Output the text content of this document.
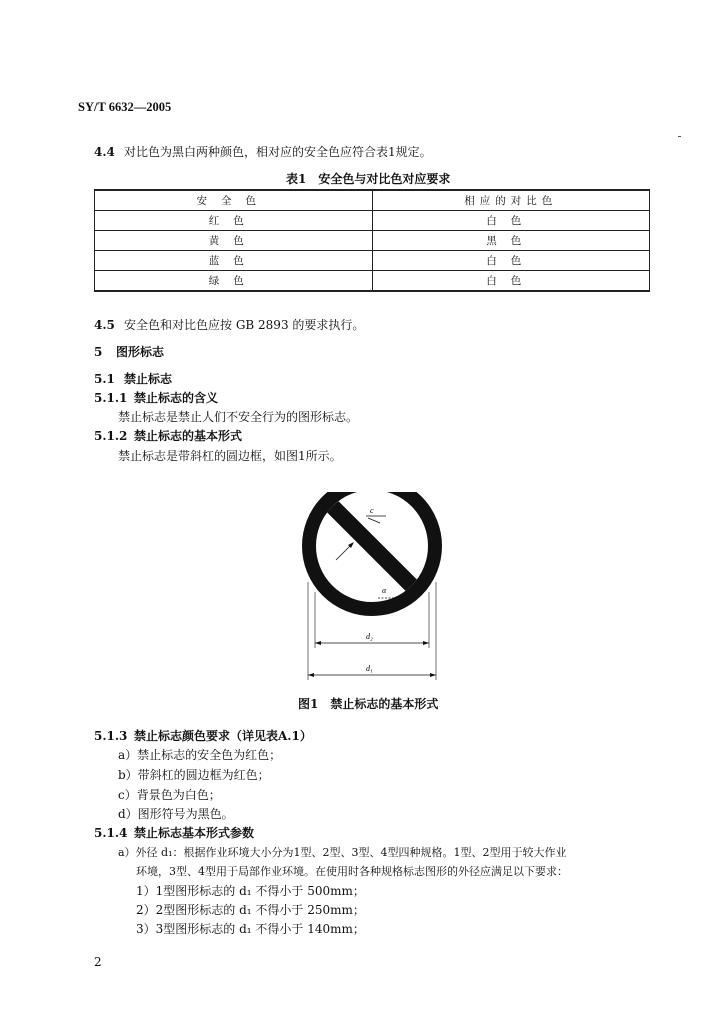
SY/T 6632—2005
4.4 对比色为黑白两种颜色，相对应的安全色应符合表1规定。
表1　安全色与对比色对应要求
安全色	相应的对比色
红色	白色
黄色	黑色
蓝色	白色
绿色	白色
4.5 安全色和对比色应按 GB 2893 的要求执行。
5 图形标志
5.1 禁止标志
5.1.1 禁止标志的含义
禁止标志是禁止人们不安全行为的图形标志。
5.1.2 禁止标志的基本形式
禁止标志是带斜杠的圆边框，如图1所示。
c
α
d₂
d₁
图1　禁止标志的基本形式
5.1.3 禁止标志颜色要求（详见表A.1）
a）禁止标志的安全色为红色；
b）带斜杠的圆边框为红色；
c）背景色为白色；
d）图形符号为黑色。
5.1.4 禁止标志基本形式参数
a）外径 d₁：根据作业环境大小分为1型、2型、3型、4型四种规格。1型、2型用于较大作业
环境，3型、4型用于局部作业环境。在使用时各种规格标志图形的外径应满足以下要求：
1）1型图形标志的 d₁ 不得小于 500mm；
2）2型图形标志的 d₁ 不得小于 250mm；
3）3型图形标志的 d₁ 不得小于 140mm；
2
